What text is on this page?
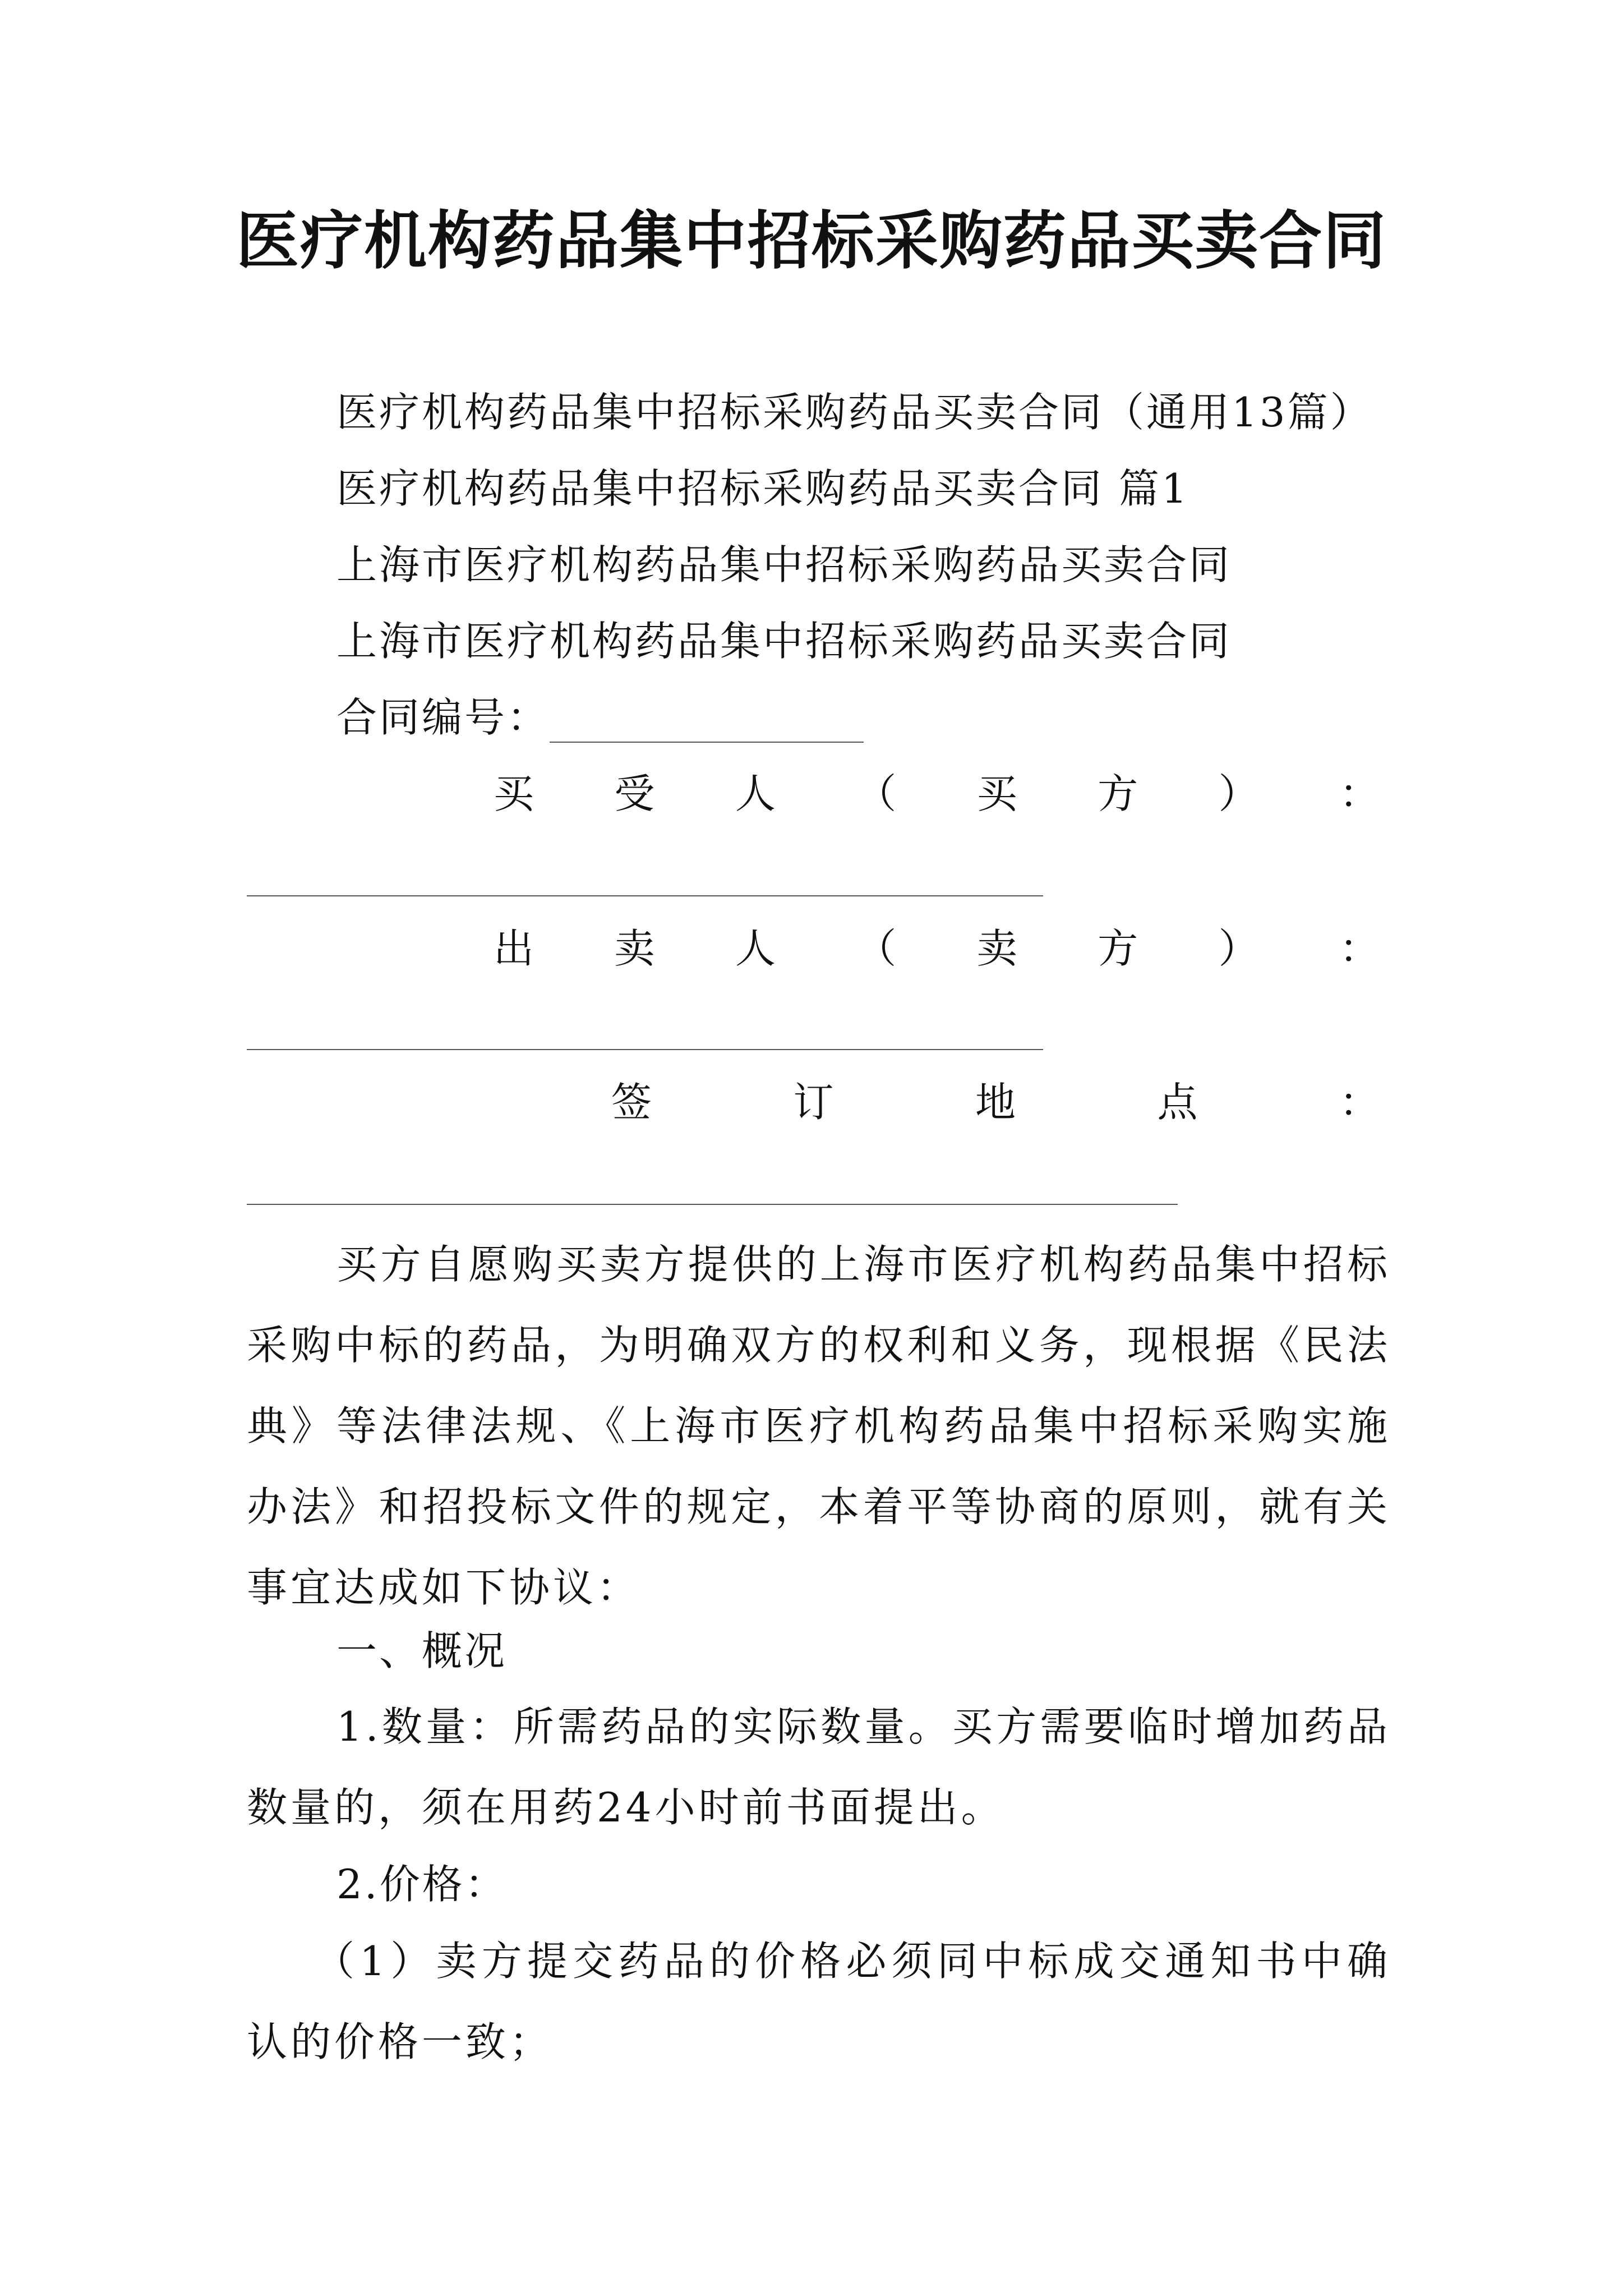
医疗机构药品集中招标采购药品买卖合同
医疗机构药品集中招标采购药品买卖合同（通用13篇）
医疗机构药品集中招标采购药品买卖合同 篇1
上海市医疗机构药品集中招标采购药品买卖合同
上海市医疗机构药品集中招标采购药品买卖合同
合同编号：
买 受 人 （ 买 方 ） ：
出 卖 人 （ 卖 方 ） ：
签	订	地	点	：
买方自愿购买卖方提供的上海市医疗机构药品集中招标采购中标的药品，为明确双方的权利和义务，现根据《民法典》等法律法规、《上海市医疗机构药品集中招标采购实施办法》和招投标文件的规定，本着平等协商的原则，就有关事宜达成如下协议：
一、概况
1.数量：所需药品的实际数量。买方需要临时增加药品数量的，须在用药24小时前书面提出。
2.价格：
（1）卖方提交药品的价格必须同中标成交通知书中确认的价格一致；
